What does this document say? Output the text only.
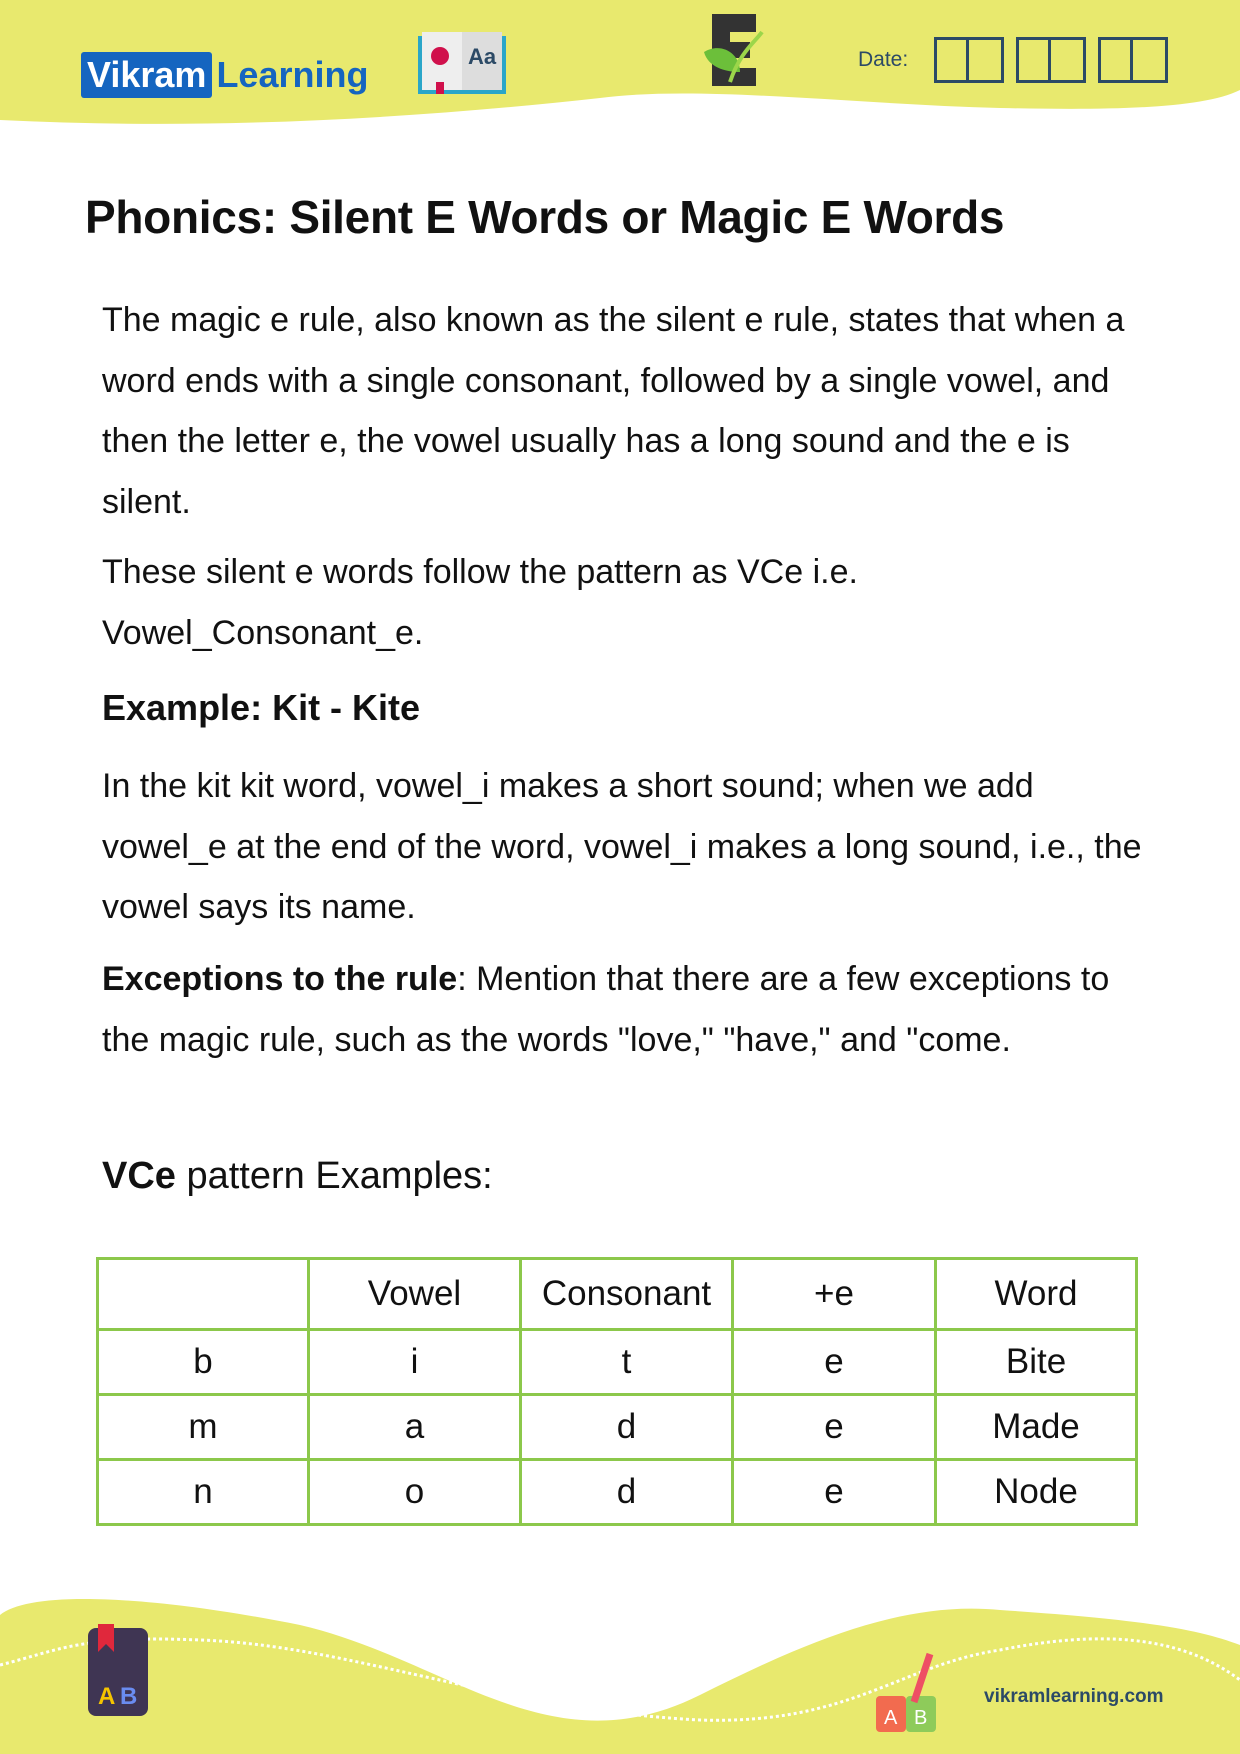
Vikram Learning	Aa	Date:
Phonics: Silent E Words or Magic E Words
The magic e rule, also known as the silent e rule, states that when a word ends with a single consonant, followed by a single vowel, and then the letter e, the vowel usually has a long sound and the e is silent.
These silent e words follow the pattern as VCe i.e. Vowel_Consonant_e.
Example: Kit - Kite
In the kit kit word, vowel_i makes a short sound; when we add vowel_e at the end of the word, vowel_i makes a long sound, i.e., the vowel says its name.
Exceptions to the rule: Mention that there are a few exceptions to the magic rule, such as the words "love," "have," and "come.
VCe pattern Examples:
	Vowel	Consonant	+e	Word
b	i	t	e	Bite
m	a	d	e	Made
n	o	d	e	Node
A B
A B
vikramlearning.com
